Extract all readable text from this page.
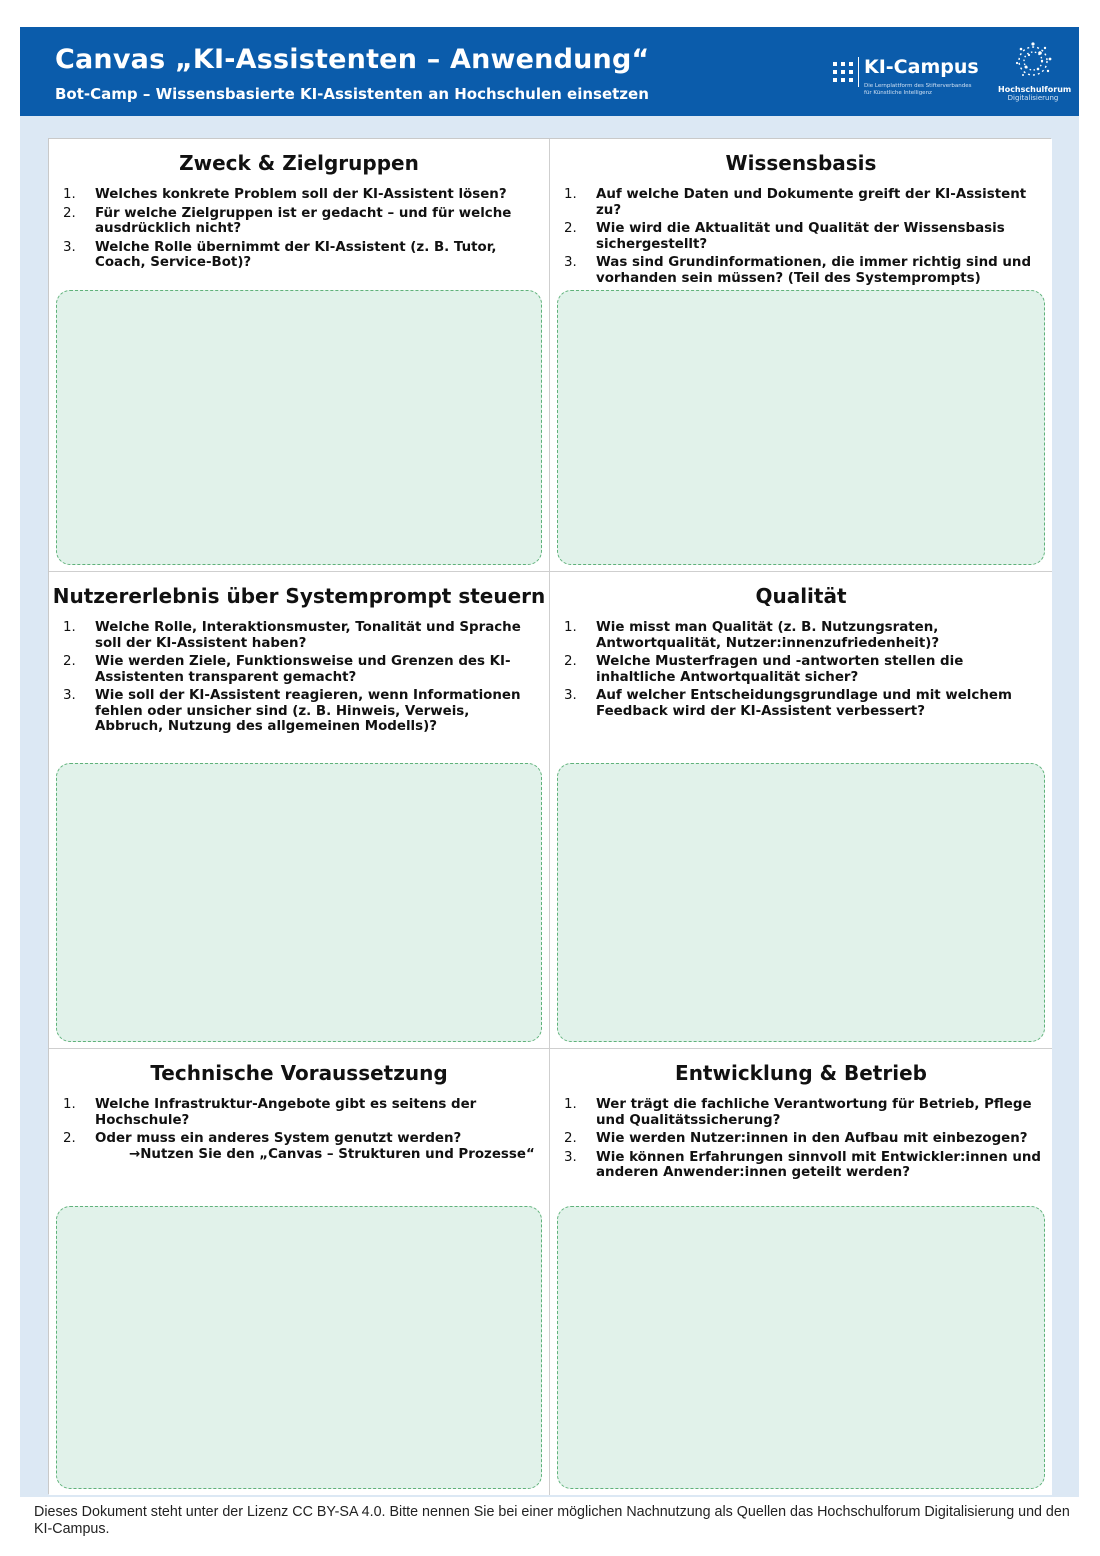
Canvas „KI-Assistenten – Anwendung“
Bot-Camp – Wissensbasierte KI-Assistenten an Hochschulen einsetzen
KI-Campus
Die Lernplattform des Stifterverbandes
für Künstliche Intelligenz	Hochschulforum
Digitalisierung
Zweck & Zielgruppen
1. Welches konkrete Problem soll der KI-Assistent lösen?
2. Für welche Zielgruppen ist er gedacht – und für welche ausdrücklich nicht?
3. Welche Rolle übernimmt der KI-Assistent (z. B. Tutor, Coach, Service-Bot)?
Wissensbasis
1. Auf welche Daten und Dokumente greift der KI-Assistent zu?
2. Wie wird die Aktualität und Qualität der Wissensbasis sichergestellt?
3. Was sind Grundinformationen, die immer richtig sind und vorhanden sein müssen? (Teil des Systemprompts)
Nutzererlebnis über Systemprompt steuern
1. Welche Rolle, Interaktionsmuster, Tonalität und Sprache soll der KI-Assistent haben?
2. Wie werden Ziele, Funktionsweise und Grenzen des KI-Assistenten transparent gemacht?
3. Wie soll der KI-Assistent reagieren, wenn Informationen fehlen oder unsicher sind (z. B. Hinweis, Verweis, Abbruch, Nutzung des allgemeinen Modells)?
Qualität
1. Wie misst man Qualität (z. B. Nutzungsraten, Antwortqualität, Nutzer:innenzufriedenheit)?
2. Welche Musterfragen und -antworten stellen die inhaltliche Antwortqualität sicher?
3. Auf welcher Entscheidungsgrundlage und mit welchem Feedback wird der KI-Assistent verbessert?
Technische Voraussetzung
1. Welche Infrastruktur-Angebote gibt es seitens der Hochschule?
2. Oder muss ein anderes System genutzt werden?
→Nutzen Sie den „Canvas – Strukturen und Prozesse“
Entwicklung & Betrieb
1. Wer trägt die fachliche Verantwortung für Betrieb, Pflege und Qualitätssicherung?
2. Wie werden Nutzer:innen in den Aufbau mit einbezogen?
3. Wie können Erfahrungen sinnvoll mit Entwickler:innen und anderen Anwender:innen geteilt werden?
Dieses Dokument steht unter der Lizenz CC BY-SA 4.0. Bitte nennen Sie bei einer möglichen Nachnutzung als Quellen das Hochschulforum Digitalisierung und den KI-Campus.
